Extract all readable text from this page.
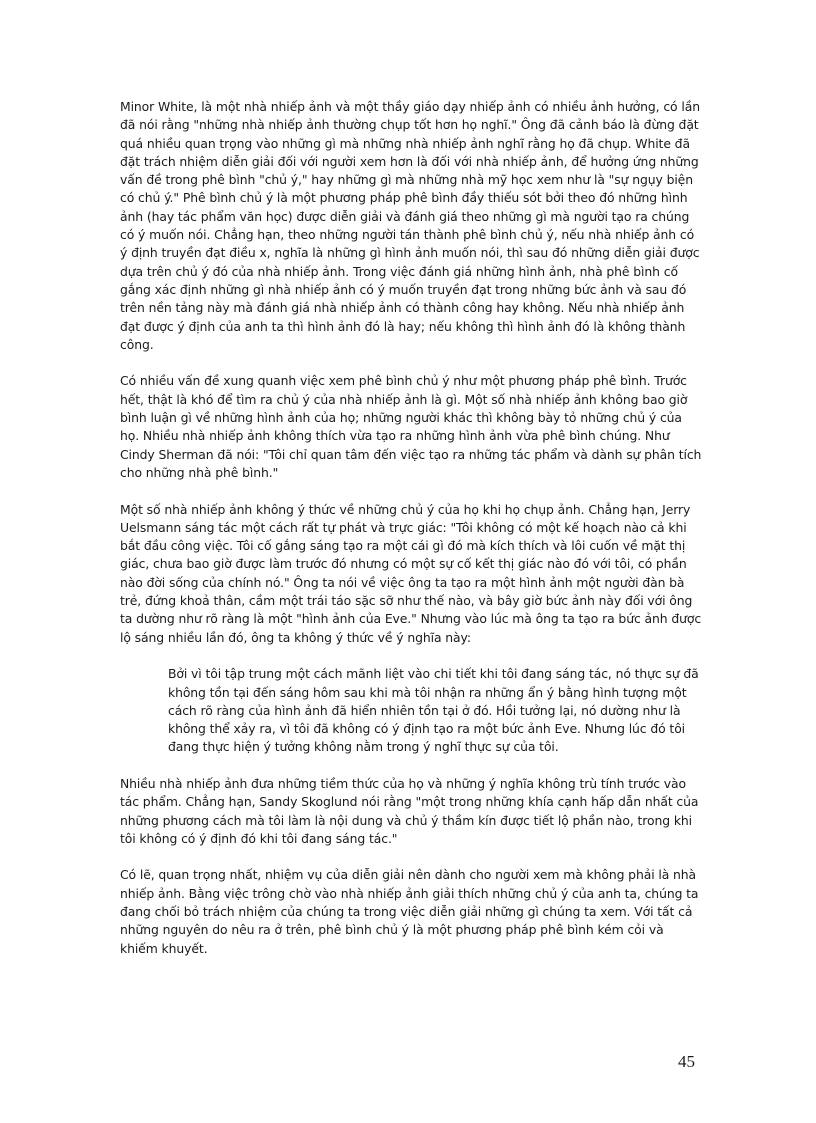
Minor White, là một nhà nhiếp ảnh và một thầy giáo dạy nhiếp ảnh có nhiều ảnh hưởng, có lần đã nói rằng "những nhà nhiếp ảnh thường chụp tốt hơn họ nghĩ." Ông đã cảnh báo là đừng đặt quá nhiều quan trọng vào những gì mà những nhà nhiếp ảnh nghĩ rằng họ đã chụp. White đã đặt trách nhiệm diễn giải đối với người xem hơn là đối với nhà nhiếp ảnh, để hưởng ứng những vấn đề trong phê bình "chủ ý," hay những gì mà những nhà mỹ học xem như là "sự ngụy biện có chủ ý." Phê bình chủ ý là một phương pháp phê bình đầy thiếu sót bởi theo đó những hình ảnh (hay tác phẩm văn học) được diễn giải và đánh giá theo những gì mà người tạo ra chúng có ý muốn nói. Chẳng hạn, theo những người tán thành phê bình chủ ý, nếu nhà nhiếp ảnh có ý định truyền đạt điều x, nghĩa là những gì hình ảnh muốn nói, thì sau đó những diễn giải được dựa trên chủ ý đó của nhà nhiếp ảnh. Trong việc đánh giá những hình ảnh, nhà phê bình cố gắng xác định những gì nhà nhiếp ảnh có ý muốn truyền đạt trong những bức ảnh và sau đó trên nền tảng này mà đánh giá nhà nhiếp ảnh có thành công hay không. Nếu nhà nhiếp ảnh đạt được ý định của anh ta thì hình ảnh đó là hay; nếu không thì hình ảnh đó là không thành công.

Có nhiều vấn đề xung quanh việc xem phê bình chủ ý như một phương pháp phê bình. Trước hết, thật là khó để tìm ra chủ ý của nhà nhiếp ảnh là gì. Một số nhà nhiếp ảnh không bao giờ bình luận gì về những hình ảnh của họ; những người khác thì không bày tỏ những chủ ý của họ. Nhiều nhà nhiếp ảnh không thích vừa tạo ra những hình ảnh vừa phê bình chúng. Như Cindy Sherman đã nói: "Tôi chỉ quan tâm đến việc tạo ra những tác phẩm và dành sự phân tích cho những nhà phê bình."

Một số nhà nhiếp ảnh không ý thức về những chủ ý của họ khi họ chụp ảnh. Chẳng hạn, Jerry Uelsmann sáng tác một cách rất tự phát và trực giác: "Tôi không có một kế hoạch nào cả khi bắt đầu công việc. Tôi cố gắng sáng tạo ra một cái gì đó mà kích thích và lôi cuốn về mặt thị giác, chưa bao giờ được làm trước đó nhưng có một sự cố kết thị giác nào đó với tôi, có phần nào đời sống của chính nó." Ông ta nói về việc ông ta tạo ra một hình ảnh một người đàn bà trẻ, đứng khoả thân, cầm một trái táo sặc sỡ như thế nào, và bây giờ bức ảnh này đối với ông ta dường như rõ ràng là một "hình ảnh của Eve." Nhưng vào lúc mà ông ta tạo ra bức ảnh được lộ sáng nhiều lần đó, ông ta không ý thức về ý nghĩa này:

Bởi vì tôi tập trung một cách mãnh liệt vào chi tiết khi tôi đang sáng tác, nó thực sự đã không tồn tại đến sáng hôm sau khi mà tôi nhận ra những ẩn ý bằng hình tượng một cách rõ ràng của hình ảnh đã hiển nhiên tồn tại ở đó. Hồi tưởng lại, nó dường như là không thể xảy ra, vì tôi đã không có ý định tạo ra một bức ảnh Eve. Nhưng lúc đó tôi đang thực hiện ý tưởng không nằm trong ý nghĩ thực sự của tôi.

Nhiều nhà nhiếp ảnh đưa những tiềm thức của họ và những ý nghĩa không trù tính trước vào tác phẩm. Chẳng hạn, Sandy Skoglund nói rằng "một trong những khía cạnh hấp dẫn nhất của những phương cách mà tôi làm là nội dung và chủ ý thầm kín được tiết lộ phần nào, trong khi tôi không có ý định đó khi tôi đang sáng tác."

Có lẽ, quan trọng nhất, nhiệm vụ của diễn giải nên dành cho người xem mà không phải là nhà nhiếp ảnh. Bằng việc trông chờ vào nhà nhiếp ảnh giải thích những chủ ý của anh ta, chúng ta đang chối bỏ trách nhiệm của chúng ta trong việc diễn giải những gì chúng ta xem. Với tất cả những nguyên do nêu ra ở trên, phê bình chủ ý là một phương pháp phê bình kém cỏi và khiếm khuyết.

45
